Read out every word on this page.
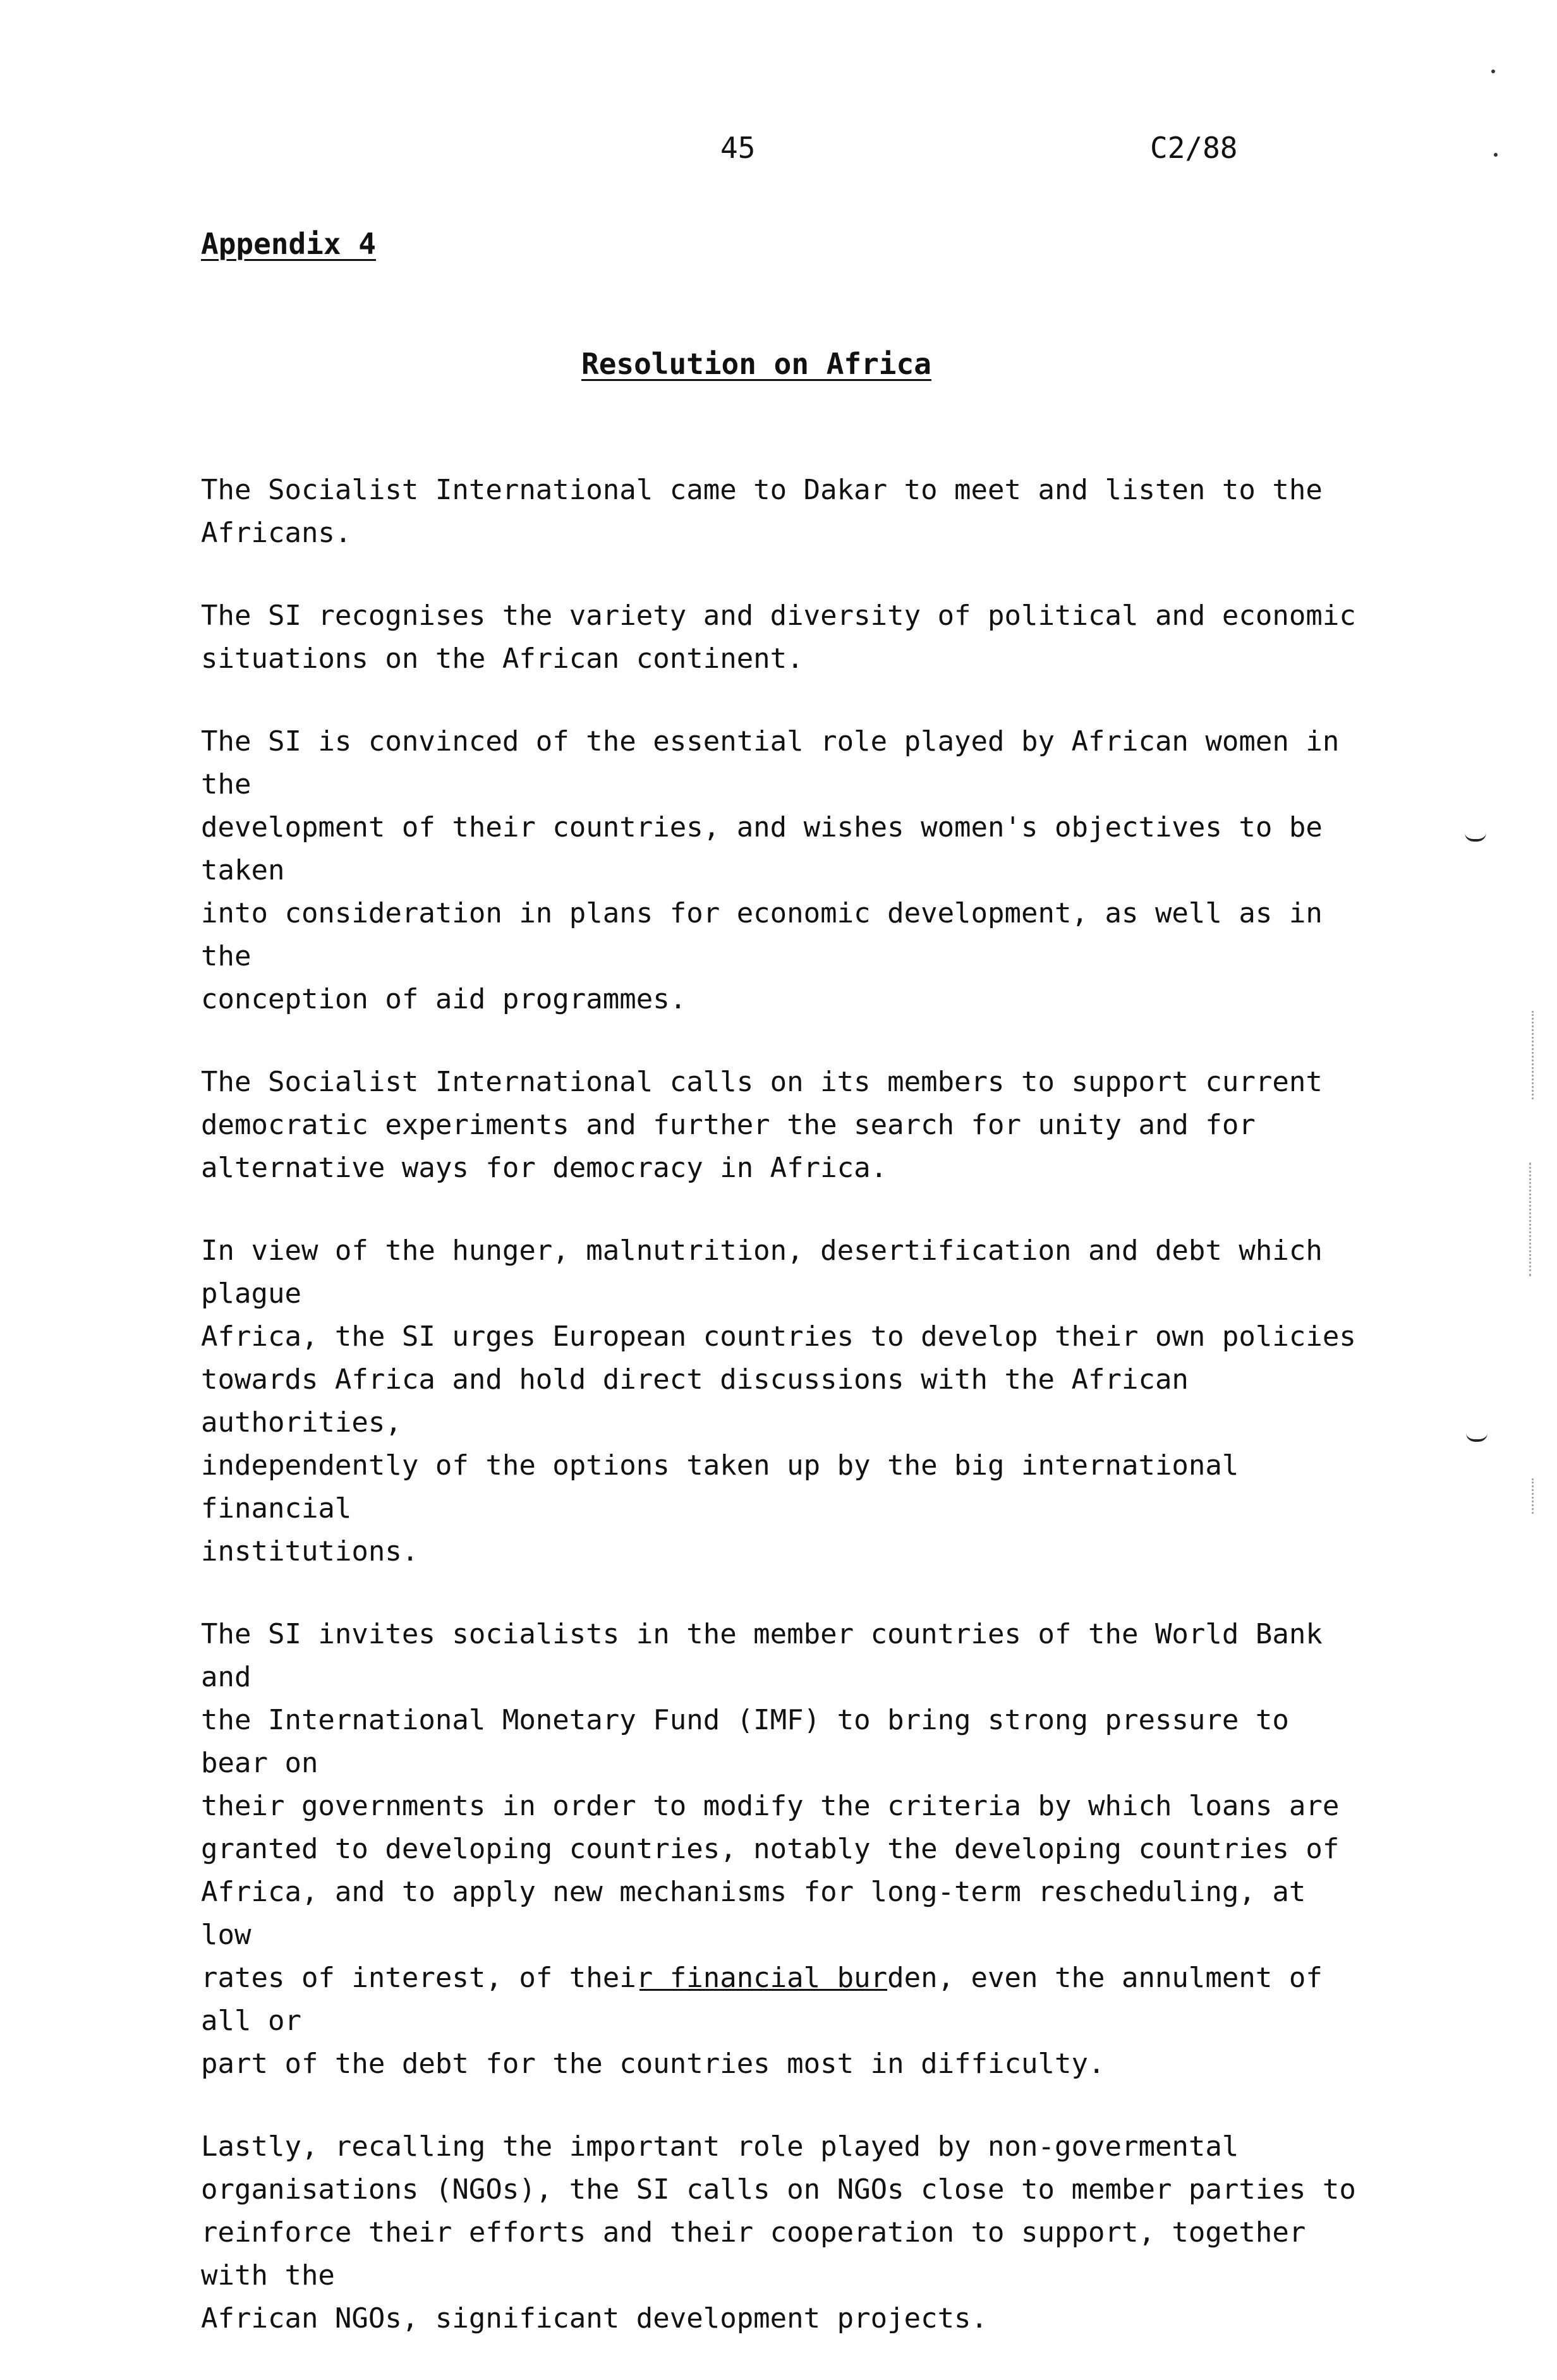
45	C2/88
Appendix 4
Resolution on Africa

The Socialist International came to Dakar to meet and listen to the
Africans.

The SI recognises the variety and diversity of political and economic
situations on the African continent.

The SI is convinced of the essential role played by African women in the
development of their countries, and wishes women's objectives to be taken
into consideration in plans for economic development, as well as in the
conception of aid programmes.

The Socialist International calls on its members to support current
democratic experiments and further the search for unity and for
alternative ways for democracy in Africa.

In view of the hunger, malnutrition, desertification and debt which plague
Africa, the SI urges European countries to develop their own policies
towards Africa and hold direct discussions with the African authorities,
independently of the options taken up by the big international financial
institutions.

The SI invites socialists in the member countries of the World Bank and
the International Monetary Fund (IMF) to bring strong pressure to bear on
their governments in order to modify the criteria by which loans are
granted to developing countries, notably the developing countries of
Africa, and to apply new mechanisms for long-term rescheduling, at low
rates of interest, of their financial burden, even the annulment of all or
part of the debt for the countries most in difficulty.

Lastly, recalling the important role played by non-govermental
organisations (NGOs), the SI calls on NGOs close to member parties to
reinforce their efforts and their cooperation to support, together with the
African NGOs, significant development projects.
